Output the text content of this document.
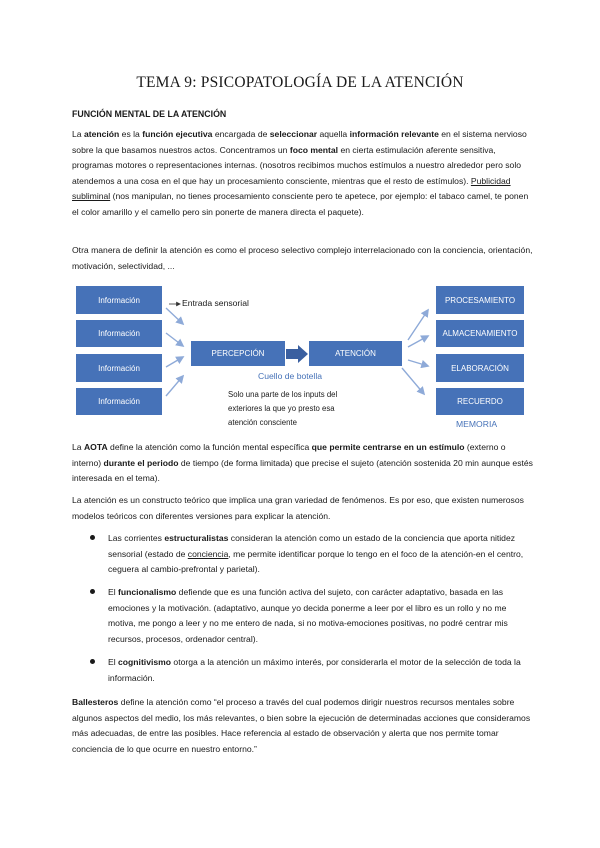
TEMA 9: PSICOPATOLOGÍA DE LA ATENCIÓN
FUNCIÓN MENTAL DE LA ATENCIÓN

La atención es la función ejecutiva encargada de seleccionar aquella información relevante en el sistema nervioso sobre la que basamos nuestros actos. Concentramos un foco mental en cierta estimulación aferente sensitiva, programas motores o representaciones internas. (nosotros recibimos muchos estímulos a nuestro alrededor pero solo atendemos a una cosa en el que hay un procesamiento consciente, mientras que el resto de estímulos). Publicidad subliminal (nos manipulan, no tienes procesamiento consciente pero te apetece, por ejemplo: el tabaco camel, te ponen el color amarillo y el camello pero sin ponerte de manera directa el paquete).

Otra manera de definir la atención es como el proceso selectivo complejo interrelacionado con la conciencia, orientación, motivación, selectividad, ...

Información
Información
Información
Información
Entrada sensorial
PERCEPCIÓN	ATENCIÓN
Cuello de botella
Solo una parte de los inputs del exteriores la que yo presto esa atención consciente
PROCESAMIENTO
ALMACENAMIENTO
ELABORACIÓN
RECUERDO
MEMORIA

La AOTA define la atención como la función mental específica que permite centrarse en un estímulo (externo o interno) durante el periodo de tiempo (de forma limitada) que precise el sujeto (atención sostenida 20 min aunque estés interesada en el tema).

La atención es un constructo teórico que implica una gran variedad de fenómenos. Es por eso, que existen numerosos modelos teóricos con diferentes versiones para explicar la atención.

Las corrientes estructuralistas consideran la atención como un estado de la conciencia que aporta nitidez sensorial (estado de conciencia, me permite identificar porque lo tengo en el foco de la atención-en el centro, ceguera al cambio-prefrontal y parietal).
El funcionalismo defiende que es una función activa del sujeto, con carácter adaptativo, basada en las emociones y la motivación. (adaptativo, aunque yo decida ponerme a leer por el libro es un rollo y no me motiva, me pongo a leer y no me entero de nada, si no motiva-emociones positivas, no podré centrar mis recursos, procesos, ordenador central).
El cognitivismo otorga a la atención un máximo interés, por considerarla el motor de la selección de toda la información.

Ballesteros define la atención como “el proceso a través del cual podemos dirigir nuestros recursos mentales sobre algunos aspectos del medio, los más relevantes, o bien sobre la ejecución de determinadas acciones que consideramos más adecuadas, de entre las posibles. Hace referencia al estado de observación y alerta que nos permite tomar conciencia de lo que ocurre en nuestro entorno.”
